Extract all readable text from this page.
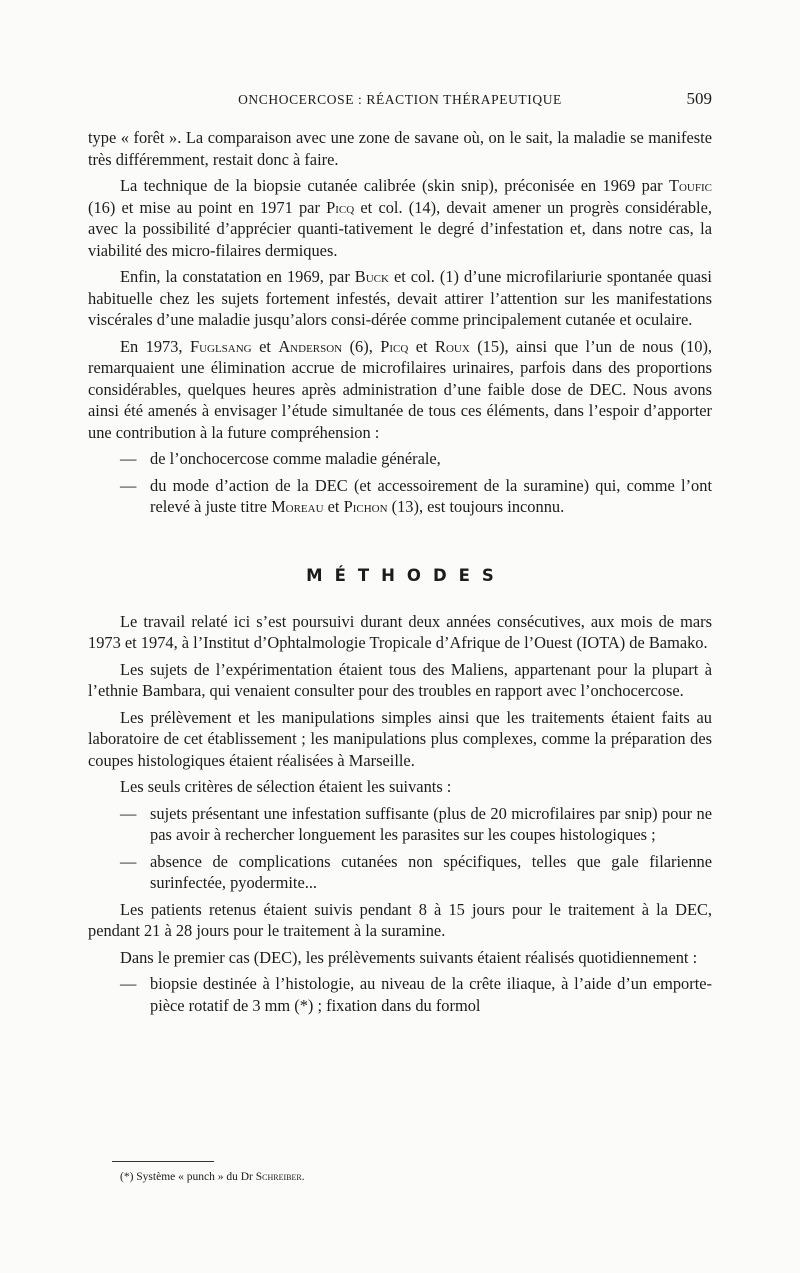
ONCHOCERCOSE : RÉACTION THÉRAPEUTIQUE	509

type « forêt ». La comparaison avec une zone de savane où, on le sait, la maladie se manifeste très différemment, restait donc à faire.

La technique de la biopsie cutanée calibrée (skin snip), préconisée en 1969 par Toufic (16) et mise au point en 1971 par Picq et col. (14), devait amener un progrès considérable, avec la possibilité d’apprécier quanti-tativement le degré d’infestation et, dans notre cas, la viabilité des micro-filaires dermiques.

Enfin, la constatation en 1969, par Buck et col. (1) d’une microfilariurie spontanée quasi habituelle chez les sujets fortement infestés, devait attirer l’attention sur les manifestations viscérales d’une maladie jusqu’alors consi-dérée comme principalement cutanée et oculaire.

En 1973, Fuglsang et Anderson (6), Picq et Roux (15), ainsi que l’un de nous (10), remarquaient une élimination accrue de microfilaires urinaires, parfois dans des proportions considérables, quelques heures après administration d’une faible dose de DEC. Nous avons ainsi été amenés à envisager l’étude simultanée de tous ces éléments, dans l’espoir d’apporter une contribution à la future compréhension :

— de l’onchocercose comme maladie générale,
— du mode d’action de la DEC (et accessoirement de la suramine) qui, comme l’ont relevé à juste titre Moreau et Pichon (13), est toujours inconnu.
MÉTHODES

Le travail relaté ici s’est poursuivi durant deux années consécutives, aux mois de mars 1973 et 1974, à l’Institut d’Ophtalmologie Tropicale d’Afrique de l’Ouest (IOTA) de Bamako.

Les sujets de l’expérimentation étaient tous des Maliens, appartenant pour la plupart à l’ethnie Bambara, qui venaient consulter pour des troubles en rapport avec l’onchocercose.

Les prélèvement et les manipulations simples ainsi que les traitements étaient faits au laboratoire de cet établissement ; les manipulations plus complexes, comme la préparation des coupes histologiques étaient réalisées à Marseille.

Les seuls critères de sélection étaient les suivants :

— sujets présentant une infestation suffisante (plus de 20 microfilaires par snip) pour ne pas avoir à rechercher longuement les parasites sur les coupes histologiques ;
— absence de complications cutanées non spécifiques, telles que gale filarienne surinfectée, pyodermite...

Les patients retenus étaient suivis pendant 8 à 15 jours pour le traitement à la DEC, pendant 21 à 28 jours pour le traitement à la suramine.

Dans le premier cas (DEC), les prélèvements suivants étaient réalisés quotidiennement :

— biopsie destinée à l’histologie, au niveau de la crête iliaque, à l’aide d’un emporte-pièce rotatif de 3 mm (*) ; fixation dans du formol
(*) Système « punch » du Dr Schreiber.
